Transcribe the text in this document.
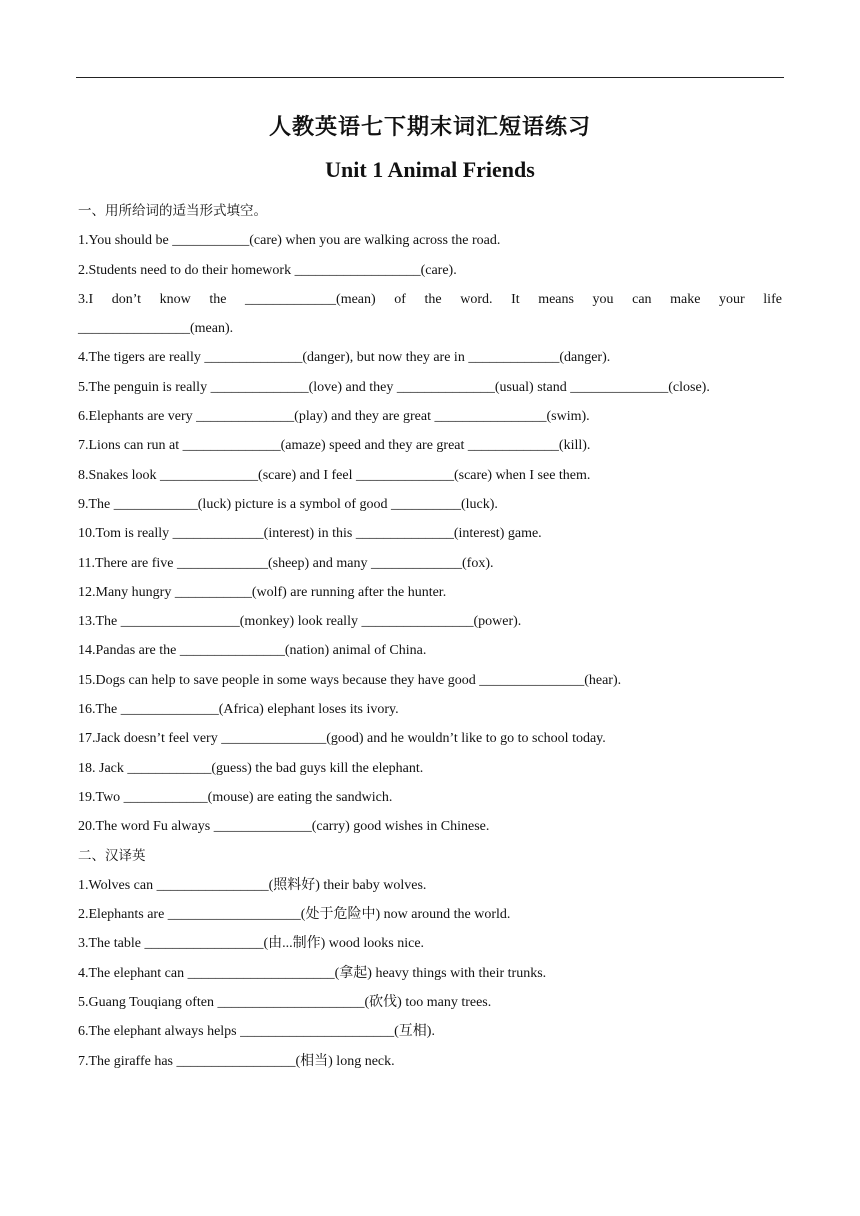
人教英语七下期末词汇短语练习
Unit 1 Animal Friends
一、用所给词的适当形式填空。
1.You should be ___________(care) when you are walking across the road.
2.Students need to do their homework __________________(care).
3.I don’t know the _____________(mean) of the word. It means you can make your life
________________(mean).
4.The tigers are really ______________(danger), but now they are in _____________(danger).
5.The penguin is really ______________(love) and they ______________(usual) stand ______________(close).
6.Elephants are very ______________(play) and they are great ________________(swim).
7.Lions can run at ______________(amaze) speed and they are great _____________(kill).
8.Snakes look ______________(scare) and I feel ______________(scare) when I see them.
9.The ____________(luck) picture is a symbol of good __________(luck).
10.Tom is really _____________(interest) in this ______________(interest) game.
11.There are five _____________(sheep) and many _____________(fox).
12.Many hungry ___________(wolf) are running after the hunter.
13.The _________________(monkey) look really ________________(power).
14.Pandas are the _______________(nation) animal of China.
15.Dogs can help to save people in some ways because they have good _______________(hear).
16.The ______________(Africa) elephant loses its ivory.
17.Jack doesn’t feel very _______________(good) and he wouldn’t like to go to school today.
18. Jack ____________(guess) the bad guys kill the elephant.
19.Two ____________(mouse) are eating the sandwich.
20.The word Fu always ______________(carry) good wishes in Chinese.
二、汉译英
1.Wolves can ________________(照料好) their baby wolves.
2.Elephants are ___________________(处于危险中) now around the world.
3.The table _________________(由...制作) wood looks nice.
4.The elephant can _____________________(拿起) heavy things with their trunks.
5.Guang Touqiang often _____________________(砍伐) too many trees.
6.The elephant always helps ______________________(互相).
7.The giraffe has _________________(相当) long neck.
